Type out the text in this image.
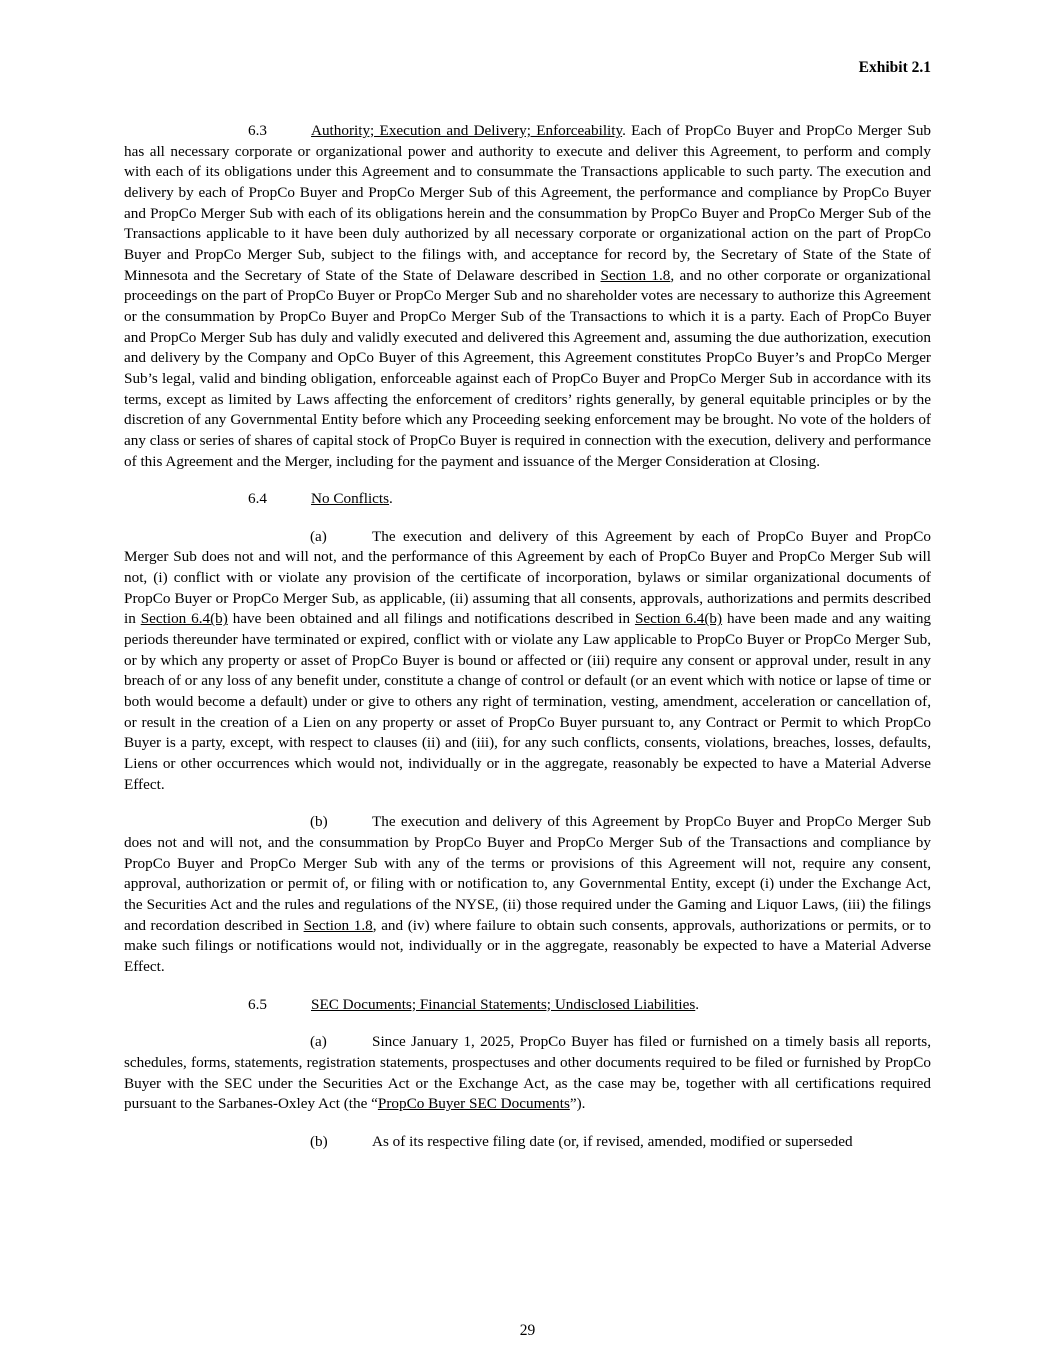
Exhibit 2.1

6.3	Authority; Execution and Delivery; Enforceability. Each of PropCo Buyer and PropCo Merger Sub has all necessary corporate or organizational power and authority to execute and deliver this Agreement, to perform and comply with each of its obligations under this Agreement and to consummate the Transactions applicable to such party. The execution and delivery by each of PropCo Buyer and PropCo Merger Sub of this Agreement, the performance and compliance by PropCo Buyer and PropCo Merger Sub with each of its obligations herein and the consummation by PropCo Buyer and PropCo Merger Sub of the Transactions applicable to it have been duly authorized by all necessary corporate or organizational action on the part of PropCo Buyer and PropCo Merger Sub, subject to the filings with, and acceptance for record by, the Secretary of State of the State of Minnesota and the Secretary of State of the State of Delaware described in Section 1.8, and no other corporate or organizational proceedings on the part of PropCo Buyer or PropCo Merger Sub and no shareholder votes are necessary to authorize this Agreement or the consummation by PropCo Buyer and PropCo Merger Sub of the Transactions to which it is a party. Each of PropCo Buyer and PropCo Merger Sub has duly and validly executed and delivered this Agreement and, assuming the due authorization, execution and delivery by the Company and OpCo Buyer of this Agreement, this Agreement constitutes PropCo Buyer’s and PropCo Merger Sub’s legal, valid and binding obligation, enforceable against each of PropCo Buyer and PropCo Merger Sub in accordance with its terms, except as limited by Laws affecting the enforcement of creditors’ rights generally, by general equitable principles or by the discretion of any Governmental Entity before which any Proceeding seeking enforcement may be brought. No vote of the holders of any class or series of shares of capital stock of PropCo Buyer is required in connection with the execution, delivery and performance of this Agreement and the Merger, including for the payment and issuance of the Merger Consideration at Closing.

6.4	No Conflicts.

(a)	The execution and delivery of this Agreement by each of PropCo Buyer and PropCo Merger Sub does not and will not, and the performance of this Agreement by each of PropCo Buyer and PropCo Merger Sub will not, (i) conflict with or violate any provision of the certificate of incorporation, bylaws or similar organizational documents of PropCo Buyer or PropCo Merger Sub, as applicable, (ii) assuming that all consents, approvals, authorizations and permits described in Section 6.4(b) have been obtained and all filings and notifications described in Section 6.4(b) have been made and any waiting periods thereunder have terminated or expired, conflict with or violate any Law applicable to PropCo Buyer or PropCo Merger Sub, or by which any property or asset of PropCo Buyer is bound or affected or (iii) require any consent or approval under, result in any breach of or any loss of any benefit under, constitute a change of control or default (or an event which with notice or lapse of time or both would become a default) under or give to others any right of termination, vesting, amendment, acceleration or cancellation of, or result in the creation of a Lien on any property or asset of PropCo Buyer pursuant to, any Contract or Permit to which PropCo Buyer is a party, except, with respect to clauses (ii) and (iii), for any such conflicts, consents, violations, breaches, losses, defaults, Liens or other occurrences which would not, individually or in the aggregate, reasonably be expected to have a Material Adverse Effect.

(b)	The execution and delivery of this Agreement by PropCo Buyer and PropCo Merger Sub does not and will not, and the consummation by PropCo Buyer and PropCo Merger Sub of the Transactions and compliance by PropCo Buyer and PropCo Merger Sub with any of the terms or provisions of this Agreement will not, require any consent, approval, authorization or permit of, or filing with or notification to, any Governmental Entity, except (i) under the Exchange Act, the Securities Act and the rules and regulations of the NYSE, (ii) those required under the Gaming and Liquor Laws, (iii) the filings and recordation described in Section 1.8, and (iv) where failure to obtain such consents, approvals, authorizations or permits, or to make such filings or notifications would not, individually or in the aggregate, reasonably be expected to have a Material Adverse Effect.

6.5	SEC Documents; Financial Statements; Undisclosed Liabilities.

(a)	Since January 1, 2025, PropCo Buyer has filed or furnished on a timely basis all reports, schedules, forms, statements, registration statements, prospectuses and other documents required to be filed or furnished by PropCo Buyer with the SEC under the Securities Act or the Exchange Act, as the case may be, together with all certifications required pursuant to the Sarbanes-Oxley Act (the “PropCo Buyer SEC Documents”).

(b)	As of its respective filing date (or, if revised, amended, modified or superseded

29
